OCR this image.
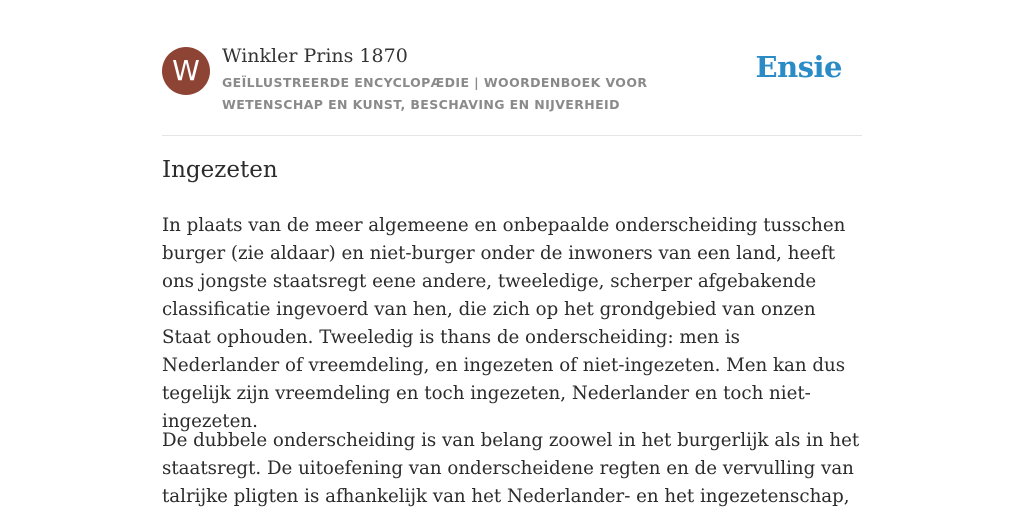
W	Winkler Prins 1870
GEÏLLUSTREERDE ENCYCLOPÆDIE | WOORDENBOEK VOOR WETENSCHAP EN KUNST, BESCHAVING EN NIJVERHEID
Ensie
Ingezeten

In plaats van de meer algemeene en onbepaalde onderscheiding tusschen burger (zie aldaar) en niet-burger onder de inwoners van een land, heeft ons jongste staatsregt eene andere, tweeledige, scherper afgebakende classificatie ingevoerd van hen, die zich op het grondgebied van onzen Staat ophouden. Tweeledig is thans de onderscheiding: men is Nederlander of vreemdeling, en ingezeten of niet-ingezeten. Men kan dus tegelijk zijn vreemdeling en toch ingezeten, Nederlander en toch niet-ingezeten.

De dubbele onderscheiding is van belang zoowel in het burgerlijk als in het staatsregt. De uitoefening van onderscheidene regten en de vervulling van talrijke pligten is afhankelijk van het Nederlander- en het ingezetenschap,
